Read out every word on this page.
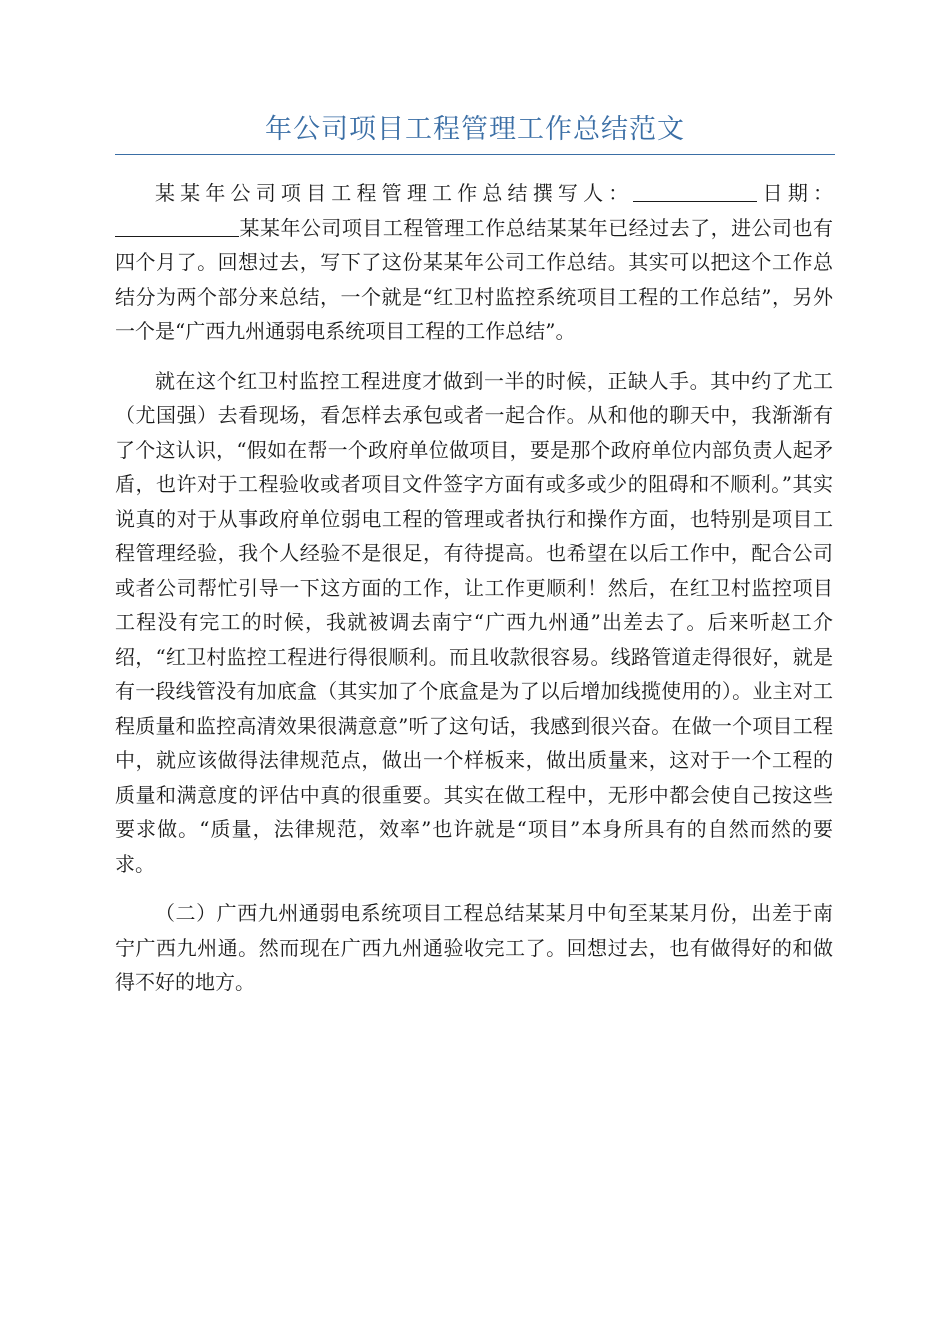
年公司项目工程管理工作总结范文

某某年公司项目工程管理工作总结撰写人：	日期：某某年公司项目工程管理工作总结某某年已经过去了，进公司也有四个月了。回想过去，写下了这份某某年公司工作总结。其实可以把这个工作总结分为两个部分来总结，一个就是“红卫村监控系统项目工程的工作总结”，另外一个是“广西九州通弱电系统项目工程的工作总结”。

就在这个红卫村监控工程进度才做到一半的时候，正缺人手。其中约了尤工（尤国强）去看现场，看怎样去承包或者一起合作。从和他的聊天中，我渐渐有了个这认识，“假如在帮一个政府单位做项目，要是那个政府单位内部负责人起矛盾，也许对于工程验收或者项目文件签字方面有或多或少的阻碍和不顺利。”其实说真的对于从事政府单位弱电工程的管理或者执行和操作方面，也特别是项目工程管理经验，我个人经验不是很足，有待提高。也希望在以后工作中，配合公司或者公司帮忙引导一下这方面的工作，让工作更顺利！然后，在红卫村监控项目工程没有完工的时候，我就被调去南宁“广西九州通”出差去了。后来听赵工介绍，“红卫村监控工程进行得很顺利。而且收款很容易。线路管道走得很好，就是有一段线管没有加底盒（其实加了个底盒是为了以后增加线揽使用的）。业主对工程质量和监控高清效果很满意意”听了这句话，我感到很兴奋。在做一个项目工程中，就应该做得法律规范点，做出一个样板来，做出质量来，这对于一个工程的质量和满意度的评估中真的很重要。其实在做工程中，无形中都会使自己按这些要求做。“质量，法律规范，效率”也许就是“项目”本身所具有的自然而然的要求。

（二）广西九州通弱电系统项目工程总结某某月中旬至某某月份，出差于南宁广西九州通。然而现在广西九州通验收完工了。回想过去，也有做得好的和做得不好的地方。
